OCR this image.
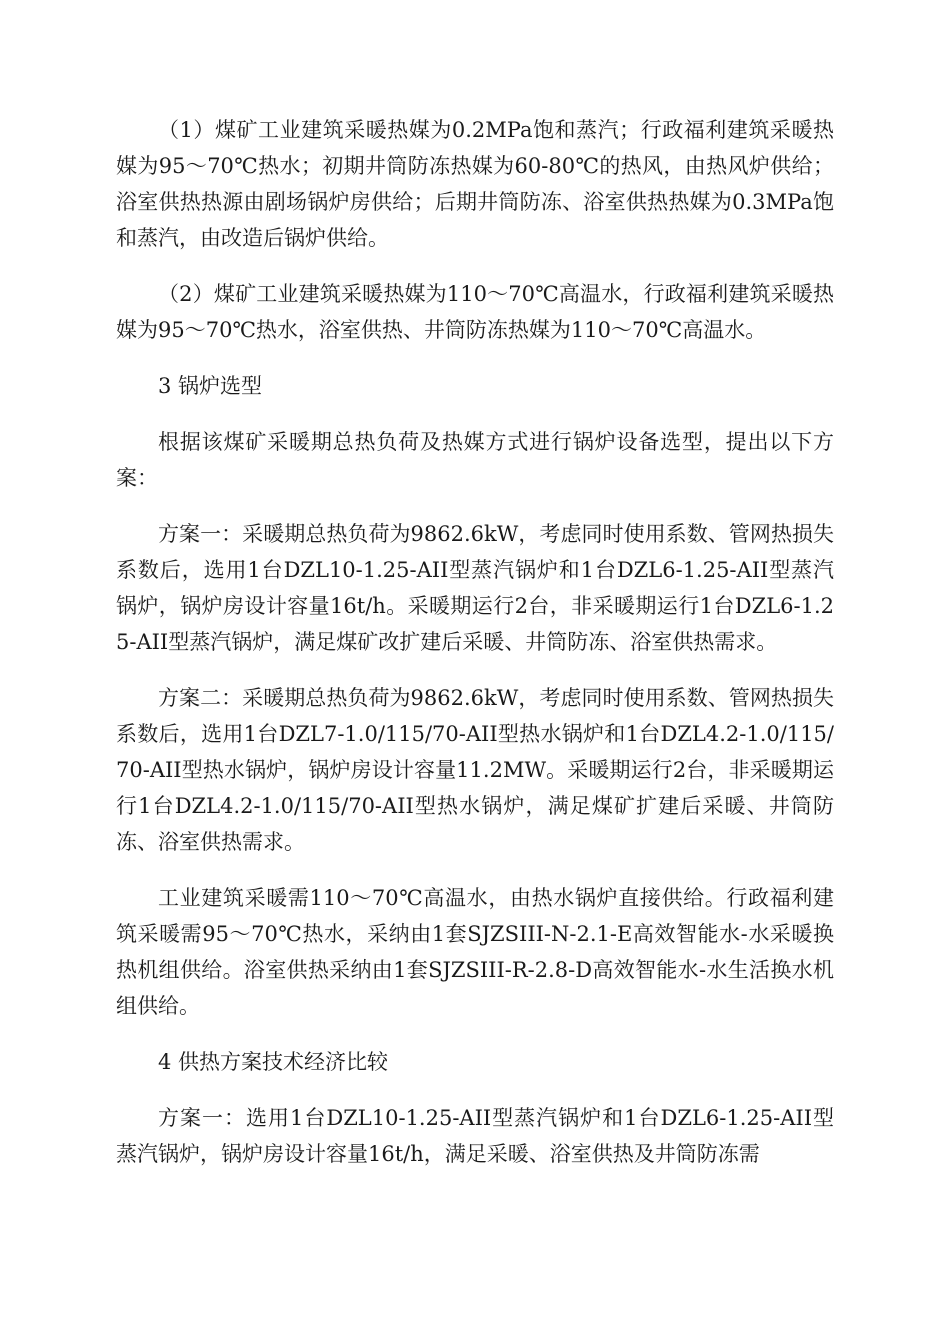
（1）煤矿工业建筑采暖热媒为0.2MPa饱和蒸汽；行政福利建筑采暖热媒为95～70℃热水；初期井筒防冻热媒为60-80℃的热风，由热风炉供给；浴室供热热源由剧场锅炉房供给；后期井筒防冻、浴室供热热媒为0.3MPa饱和蒸汽，由改造后锅炉供给。

（2）煤矿工业建筑采暖热媒为110～70℃高温水，行政福利建筑采暖热媒为95～70℃热水，浴室供热、井筒防冻热媒为110～70℃高温水。

3 锅炉选型

根据该煤矿采暖期总热负荷及热媒方式进行锅炉设备选型，提出以下方案：

方案一：采暖期总热负荷为9862.6kW，考虑同时使用系数、管网热损失系数后，选用1台DZL10-1.25-AII型蒸汽锅炉和1台DZL6-1.25-AII型蒸汽锅炉，锅炉房设计容量16t/h。采暖期运行2台，非采暖期运行1台DZL6-1.25-AII型蒸汽锅炉，满足煤矿改扩建后采暖、井筒防冻、浴室供热需求。

方案二：采暖期总热负荷为9862.6kW，考虑同时使用系数、管网热损失系数后，选用1台DZL7-1.0/115/70-AII型热水锅炉和1台DZL4.2-1.0/115/70-AII型热水锅炉，锅炉房设计容量11.2MW。采暖期运行2台，非采暖期运行1台DZL4.2-1.0/115/70-AII型热水锅炉，满足煤矿扩建后采暖、井筒防冻、浴室供热需求。

工业建筑采暖需110～70℃高温水，由热水锅炉直接供给。行政福利建筑采暖需95～70℃热水，采纳由1套SJZSIII-N-2.1-E高效智能水-水采暖换热机组供给。浴室供热采纳由1套SJZSIII-R-2.8-D高效智能水-水生活换水机组供给。

4 供热方案技术经济比较

方案一：选用1台DZL10-1.25-AII型蒸汽锅炉和1台DZL6-1.25-AII型蒸汽锅炉，锅炉房设计容量16t/h，满足采暖、浴室供热及井筒防冻需
